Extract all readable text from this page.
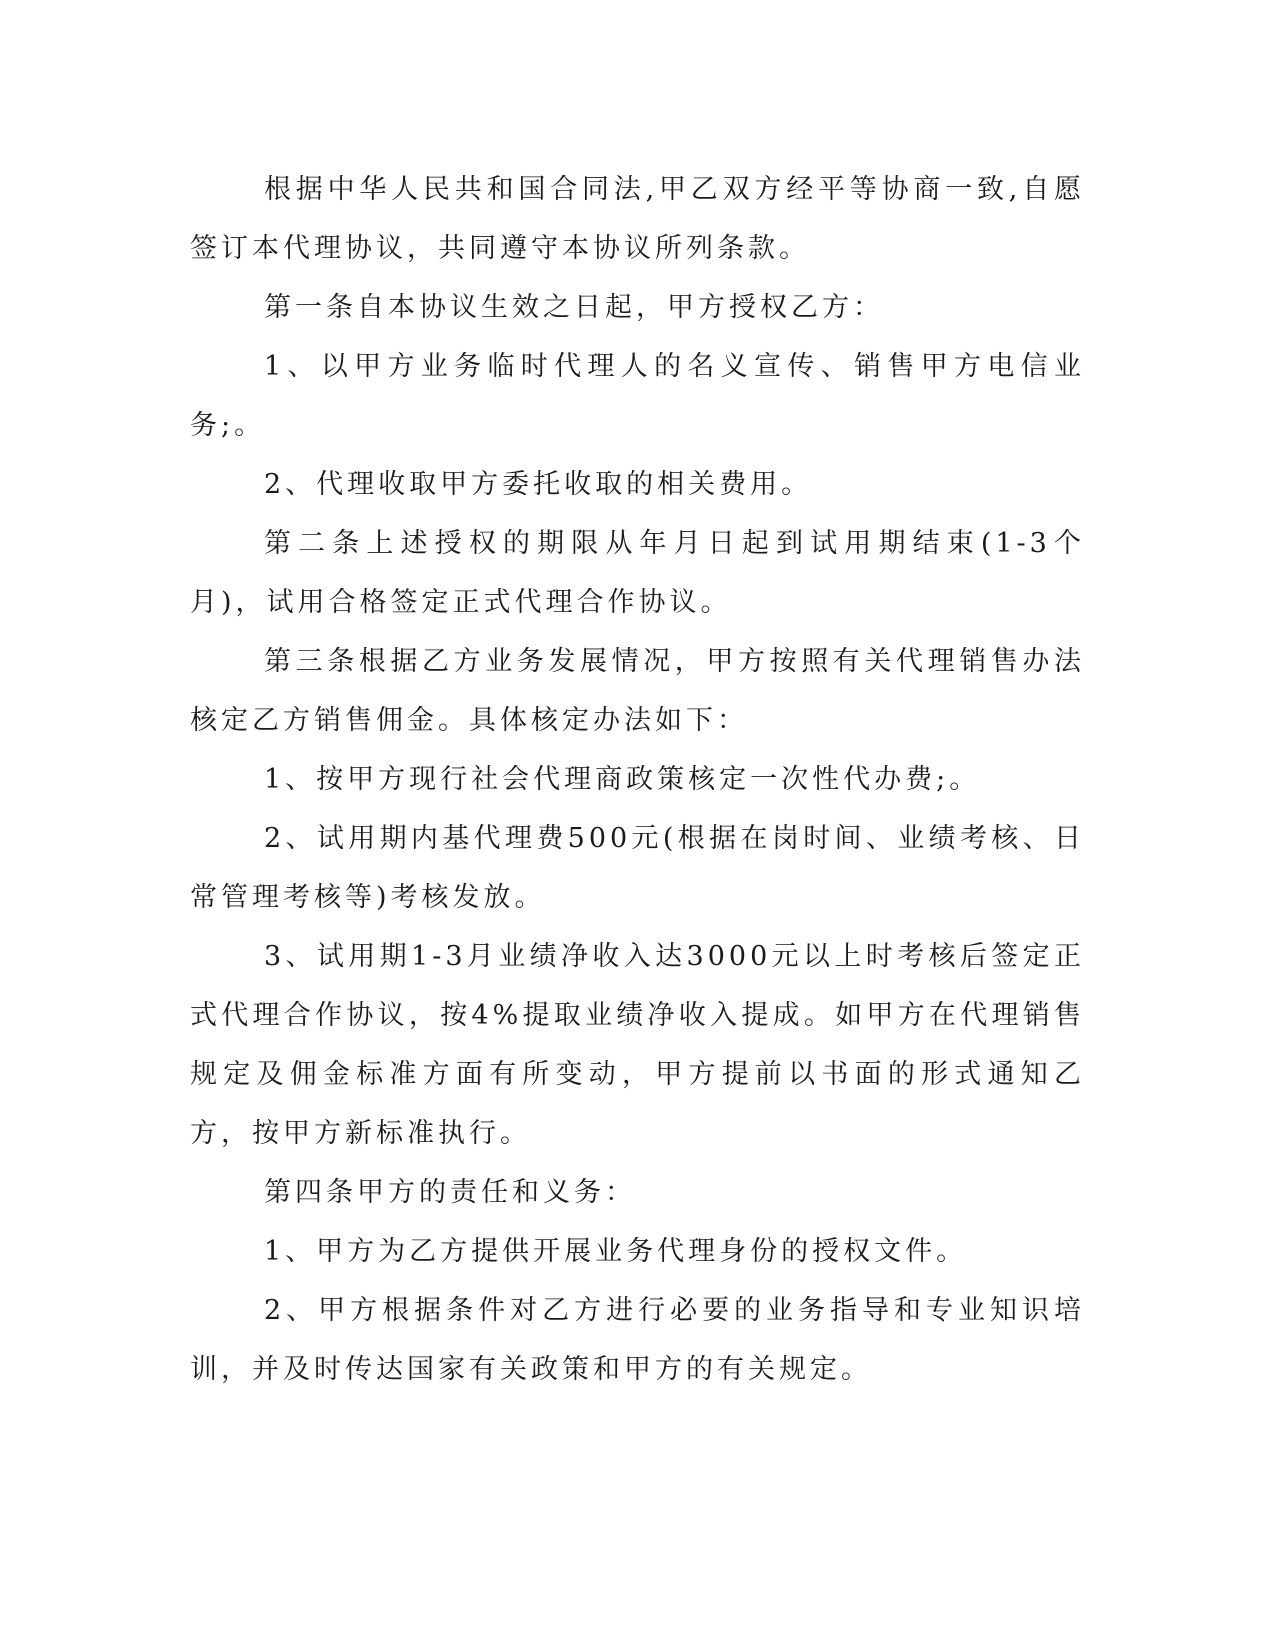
根据中华人民共和国合同法,甲乙双方经平等协商一致,自愿签订本代理协议，共同遵守本协议所列条款。

第一条自本协议生效之日起，甲方授权乙方：

1、以甲方业务临时代理人的名义宣传、销售甲方电信业务;。

2、代理收取甲方委托收取的相关费用。

第二条上述授权的期限从年月日起到试用期结束(1-3个月)，试用合格签定正式代理合作协议。

第三条根据乙方业务发展情况，甲方按照有关代理销售办法核定乙方销售佣金。具体核定办法如下：

1、按甲方现行社会代理商政策核定一次性代办费;。

2、试用期内基代理费500元(根据在岗时间、业绩考核、日常管理考核等)考核发放。

3、试用期1-3月业绩净收入达3000元以上时考核后签定正式代理合作协议，按4%提取业绩净收入提成。如甲方在代理销售规定及佣金标准方面有所变动，甲方提前以书面的形式通知乙方，按甲方新标准执行。

第四条甲方的责任和义务：

1、甲方为乙方提供开展业务代理身份的授权文件。

2、甲方根据条件对乙方进行必要的业务指导和专业知识培训，并及时传达国家有关政策和甲方的有关规定。
